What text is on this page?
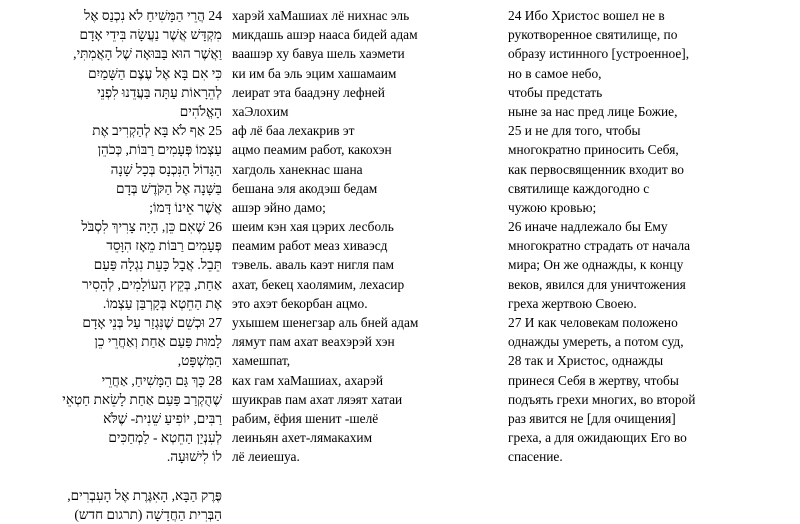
24 הֲרֵי הַמָּשִׁיחַ לֹא נִכְנַס אֶל
מִקְדָּשׁ אֲשֶׁר נַעֲשָׂה בִּידֵי אָדָם
וַאֲשֶׁר הוּא בַּבּוּאָה שֶׁל הָאֲמִתִּי,
כִּי אִם בָּא אֶל עֶצֶם הַשָּׁמַיִם
לְהֵרָאוֹת עַתָּה בַּעֲדֵנוּ לִפְנֵי
הָאֱלֹהִים
25 אַף לֹא בָּא לְהַקְרִיב אֶת
עַצְמוֹ פְּעָמִים רַבּוֹת, כְּכֹהֵן
הַגָּדוֹל הַנִּכְנָס בְּכָל שָׁנָה
בַּשָּׁנָה אֶל הַקֹּדֶשׁ בְּדָם
אֲשֶׁר אֵינוֹ דָּמוֹ;
26 שֶׁאִם כֵּן, הָיָה צָרִיךְ לִסְבֹּל
פְּעָמִים רַבּוֹת מֵאָז הִוָּסֵד
תֵּבֵל. אֲבָל כָּעֵת נִגְלָה פַּעַם
אַחַת, בְּקֵץ הָעוֹלָמִים, לְהָסִיר
אֶת הַחֵטְא בְּקָרְבַּן עַצְמוֹ.
27 וּכְשֵׁם שֶׁנִּגְזַר עַל בְּנֵי אָדָם
לָמוּת פַּעַם אַחַת וְאַחֲרֵי כֵן
הַמִּשְׁפָּט,
28 כָּךְ גַּם הַמָּשִׁיחַ, אַחֲרֵי
שֶׁהֻקְרַב פַּעַם אַחַת לָשֵׂאת חַטְאֵי
רַבִּים, יוֹפִיעַ שֵׁנִית- שֶׁלֹּא
לְעִנְיַן הַחֵטְא - לַמְחַכִּים
לוֹ לִישׁוּעָה.
פֶּרֶק הַבָּא, הָאִגֶּרֶת אֶל הָעִבְרִים,
הַבְּרִית הַחֲדָשָׁה (תרגום חדש)
харэй хаМашиах лё нихнас эль
микдашь ашэр нааса бидей адам
ваашэр ху бавуа шель хаэмети
ки им ба эль эцим хашамаим
леират эта баадэну лефней
хаЭлохим
аф лё баа лехакрив эт
ацмо пеамим работ, какохэн
хагдоль ханекнас шана
бешана эля акодэш бедам
ашэр эйно дамо;
шеим кэн хая цэрих лесболь
пеамим работ меаз хиваэсд
тэвель. аваль каэт нигля пам
ахат, бекец хаолямим, лехасир
это ахэт бекорбан ацмо.
ухышем шенегзар аль бней адам
лямут пам ахат веахэрэй хэн
хамешпат,
ках гам хаМашиах, ахарэй
шуикрав пам ахат ляэят хатаи
рабим, ёфия шенит -шелё
леиньян ахет-лямакахим
лё леиешуа.
24 Ибо Христос вошел не в
рукотворенное святилище, по
образу истинного [устроенное],
но в самое небо,
чтобы предстать
ныне за нас пред лице Божие,
25 и не для того, чтобы
многократно приносить Себя,
как первосвященник входит во
святилище каждогодно с
чужою кровью;
26 иначе надлежало бы Ему
многократно страдать от начала
мира; Он же однажды, к концу
веков, явился для уничтожения
греха жертвою Своею.
27 И как человекам положено
однажды умереть, а потом суд,
28 так и Христос, однажды
принеся Себя в жертву, чтобы
подъять грехи многих, во второй
раз явится не [для очищения]
греха, а для ожидающих Его во
спасение.
